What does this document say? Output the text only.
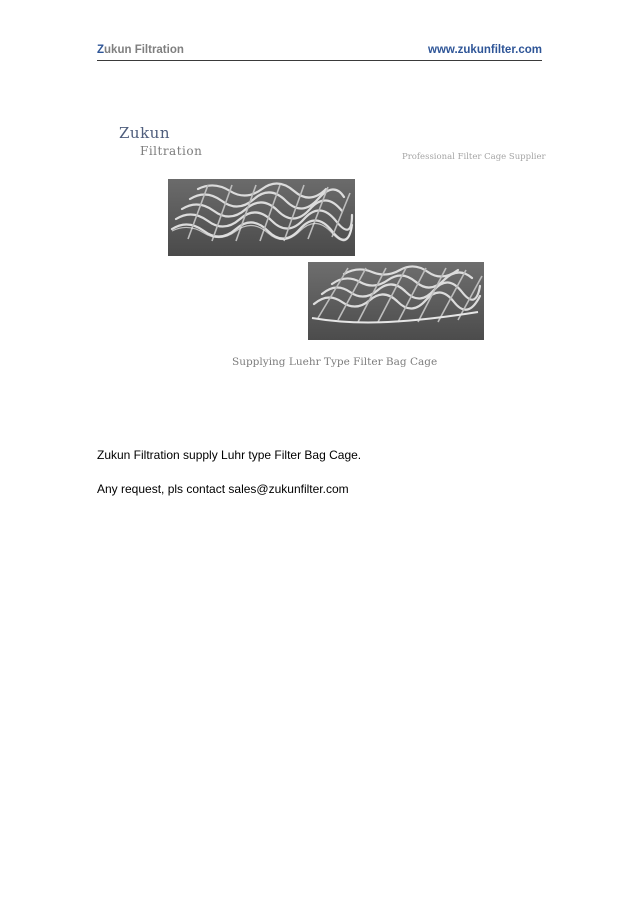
Zukun Filtration	www.zukunfilter.com
Zukun
Filtration	Professional Filter Cage Supplier
Supplying Luehr Type Filter Bag Cage
Zukun Filtration supply Luhr type Filter Bag Cage.
Any request, pls contact sales@zukunfilter.com
